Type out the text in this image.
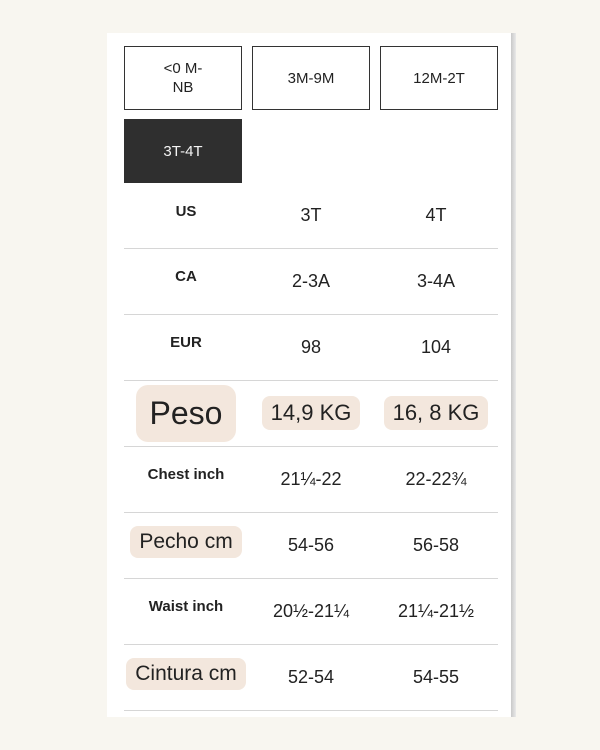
<0 M-
NB
3M-9M	12M-2T
3T-4T
US	3T	4T
CA	2-3A	3-4A
EUR	98	104
Peso	14,9 KG	16, 8 KG
Chest inch	21¼-22	22-22¾
Pecho cm	54-56	56-58
Waist inch	20½-21¼	21¼-21½
Cintura cm	52-54	54-55
